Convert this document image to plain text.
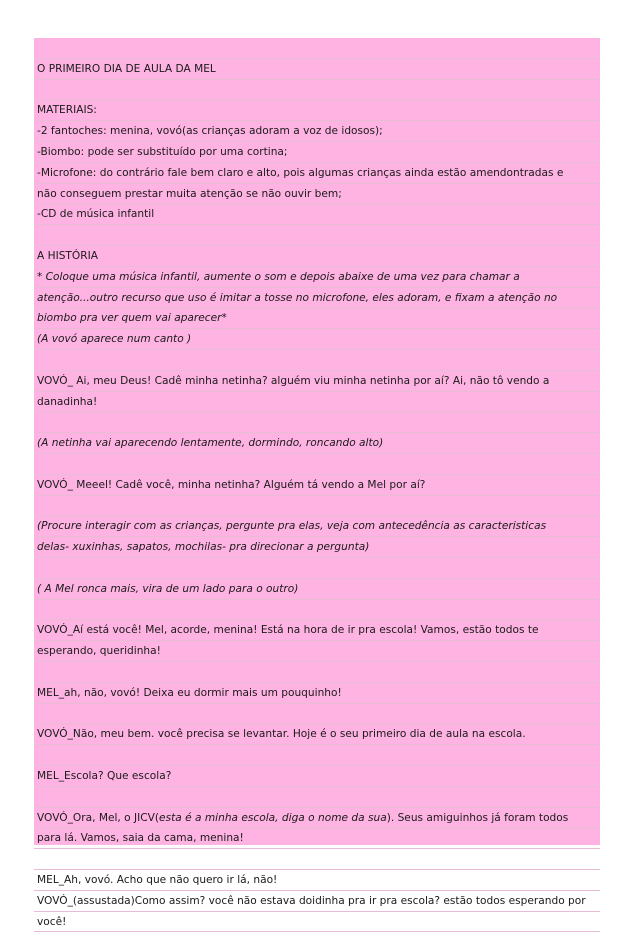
O PRIMEIRO DIA DE AULA DA MEL
MATERIAIS:
-2 fantoches: menina, vovó(as crianças adoram a voz de idosos);
-Biombo: pode ser substituído por uma cortina;
-Microfone: do contrário fale bem claro e alto, pois algumas crianças ainda estão amendontradas e
não conseguem prestar muita atenção se não ouvir bem;
-CD de música infantil
A HISTÓRIA
* Coloque uma música infantil, aumente o som e depois abaixe de uma vez para chamar a
atenção...outro recurso que uso é imitar a tosse no microfone, eles adoram, e fixam a atenção no
biombo pra ver quem vai aparecer*
(A vovó aparece num canto )
VOVÓ_ Ai, meu Deus! Cadê minha netinha? alguém viu minha netinha por aí? Ai, não tô vendo a
danadinha!
(A netinha vai aparecendo lentamente, dormindo, roncando alto)
VOVÓ_ Meeel! Cadê você, minha netinha? Alguém tá vendo a Mel por aí?
(Procure interagir com as crianças, pergunte pra elas, veja com antecedência as caracteristicas
delas- xuxinhas, sapatos, mochilas- pra direcionar a pergunta)
( A Mel ronca mais, vira de um lado para o outro)
VOVÓ_Aí está você! Mel, acorde, menina! Está na hora de ir pra escola! Vamos, estão todos te
esperando, queridinha!
MEL_ah, não, vovó! Deixa eu dormir mais um pouquinho!
VOVÓ_Não, meu bem. você precisa se levantar. Hoje é o seu primeiro dia de aula na escola.
MEL_Escola? Que escola?
VOVÓ_Ora, Mel, o JICV(esta é a minha escola, diga o nome da sua). Seus amiguinhos já foram todos
para lá. Vamos, saia da cama, menina!
MEL_Ah, vovó. Acho que não quero ir lá, não!
VOVÓ_(assustada)Como assim? você não estava doidinha pra ir pra escola? estão todos esperando por
você!
